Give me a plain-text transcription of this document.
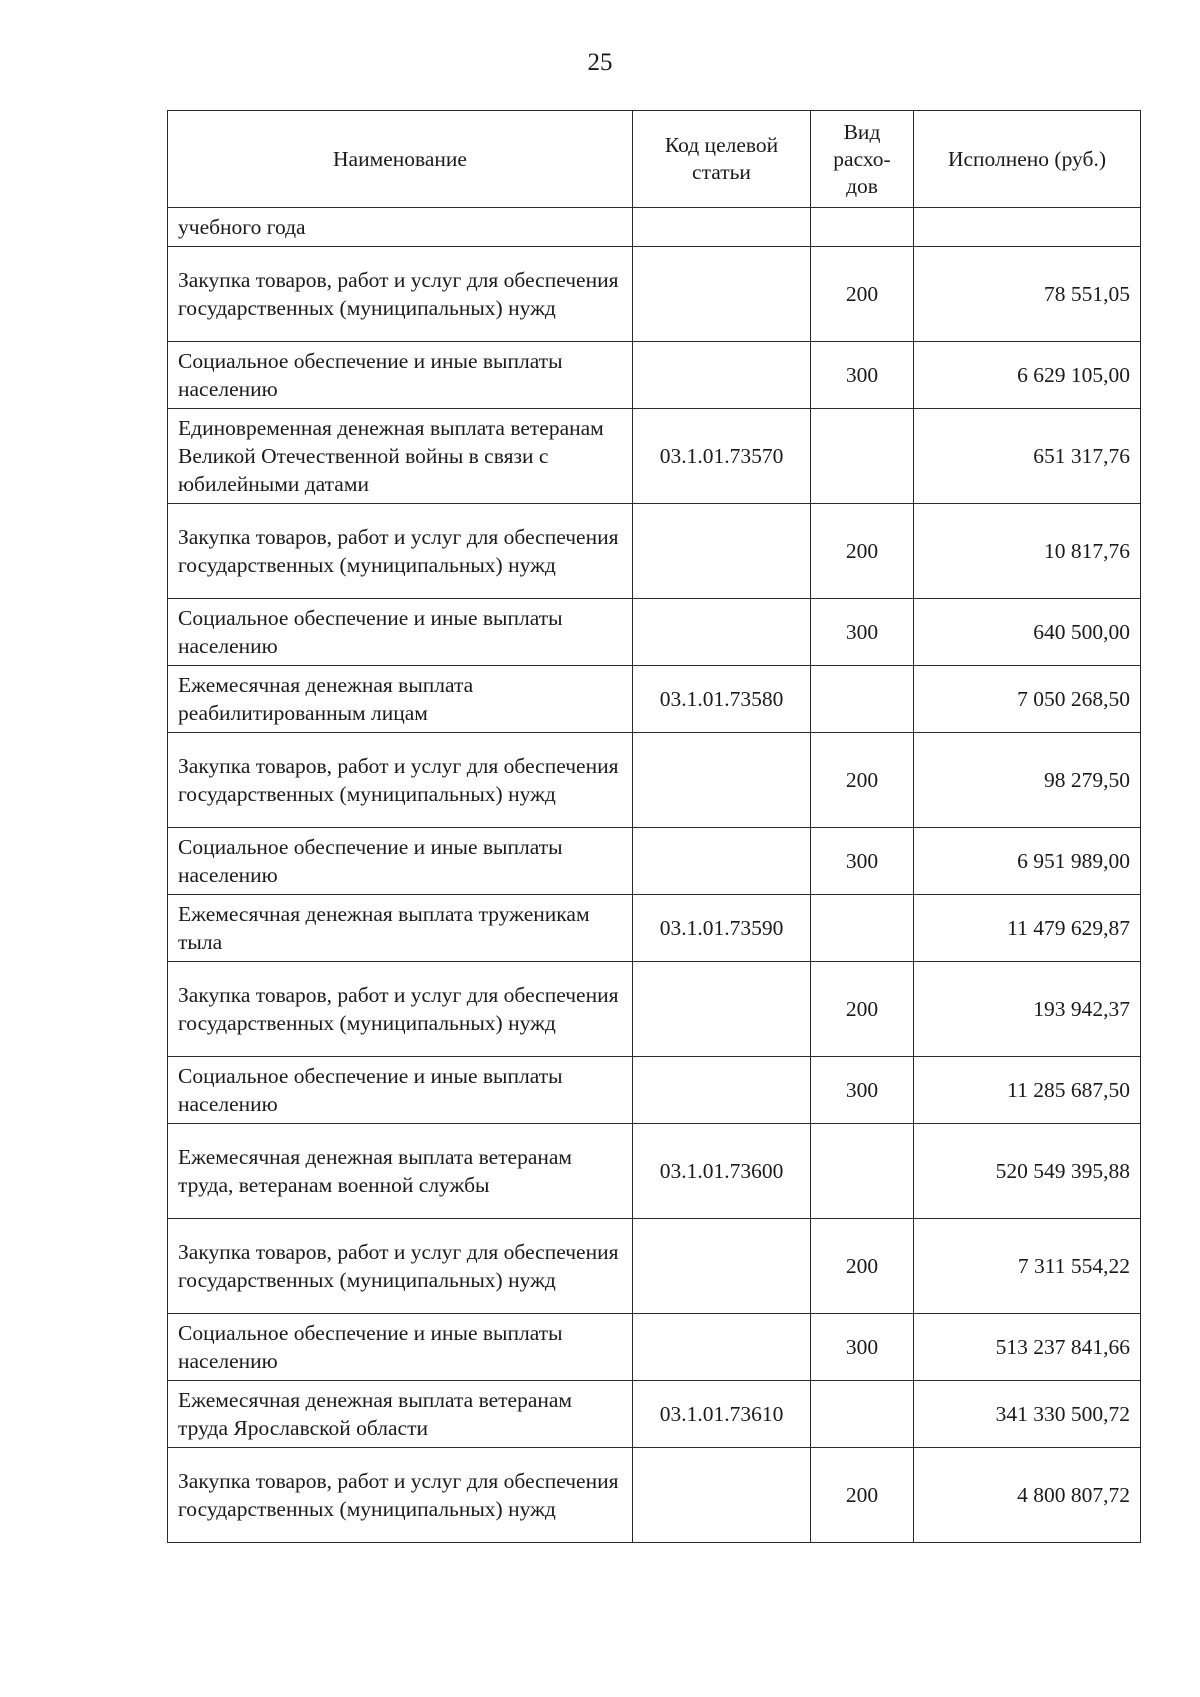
25
Наименование	Код целевой статьи	Вид расхо-дов	Исполнено (руб.)
учебного года			
Закупка товаров, работ и услуг для обеспечения государственных (муниципальных) нужд		200	78 551,05
Социальное обеспечение и иные выплаты населению		300	6 629 105,00
Единовременная денежная выплата ветеранам Великой Отечественной войны в связи с юбилейными датами	03.1.01.73570		651 317,76
Закупка товаров, работ и услуг для обеспечения государственных (муниципальных) нужд		200	10 817,76
Социальное обеспечение и иные выплаты населению		300	640 500,00
Ежемесячная денежная выплата реабилитированным лицам	03.1.01.73580		7 050 268,50
Закупка товаров, работ и услуг для обеспечения государственных (муниципальных) нужд		200	98 279,50
Социальное обеспечение и иные выплаты населению		300	6 951 989,00
Ежемесячная денежная выплата труженикам тыла	03.1.01.73590		11 479 629,87
Закупка товаров, работ и услуг для обеспечения государственных (муниципальных) нужд		200	193 942,37
Социальное обеспечение и иные выплаты населению		300	11 285 687,50
Ежемесячная денежная выплата ветеранам труда, ветеранам военной службы	03.1.01.73600		520 549 395,88
Закупка товаров, работ и услуг для обеспечения государственных (муниципальных) нужд		200	7 311 554,22
Социальное обеспечение и иные выплаты населению		300	513 237 841,66
Ежемесячная денежная выплата ветеранам труда Ярославской области	03.1.01.73610		341 330 500,72
Закупка товаров, работ и услуг для обеспечения государственных (муниципальных) нужд		200	4 800 807,72
